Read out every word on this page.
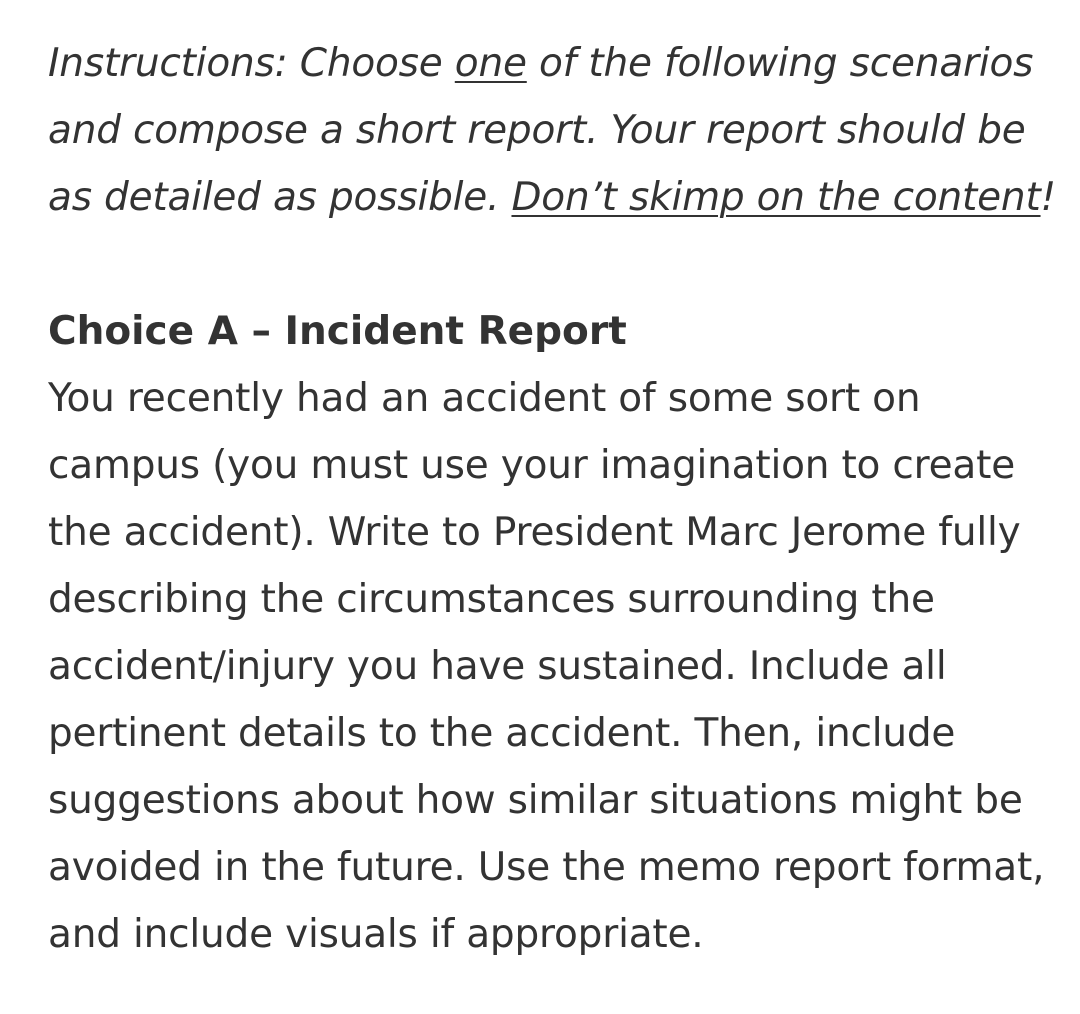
Instructions: Choose one of the following scenarios and compose a short report. Your report should be as detailed as possible. Don’t skimp on the content!

Choice A – Incident Report

You recently had an accident of some sort on campus (you must use your imagination to create the accident). Write to President Marc Jerome fully describing the circumstances surrounding the accident/injury you have sustained. Include all pertinent details to the accident. Then, include suggestions about how similar situations might be avoided in the future. Use the memo report format, and include visuals if appropriate.
